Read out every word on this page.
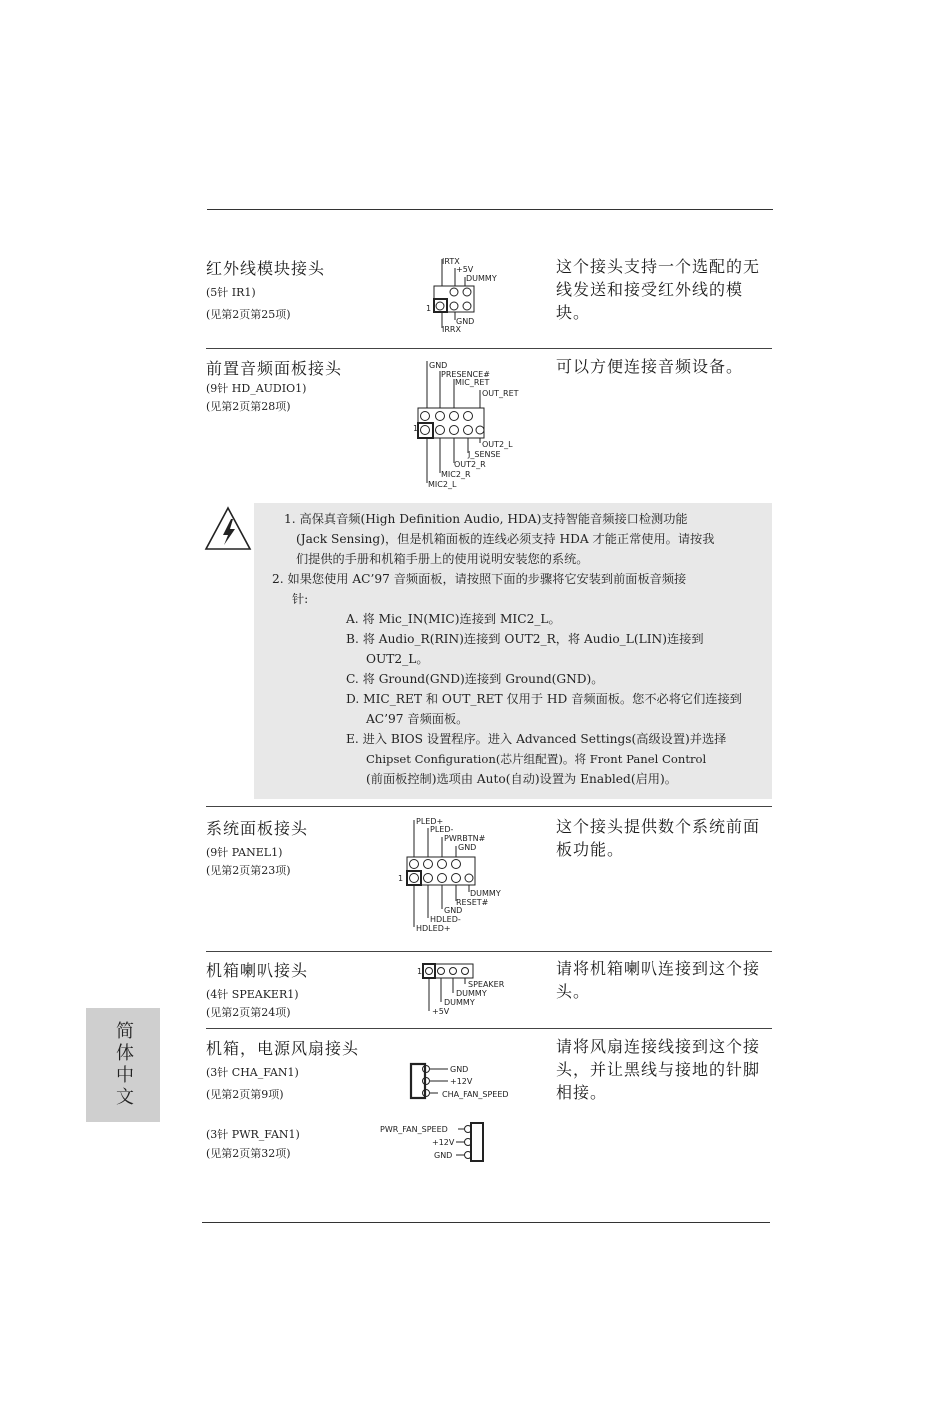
红外线模块接头
(5针 IR1)
(见第2页第25项)
这个接头支持一个选配的无线发送和接受红外线的模块。
IRTX
+5V
DUMMY
1
GND
IRRX
前置音频面板接头
(9针 HD_AUDIO1)
(见第2页第28项)
可以方便连接音频设备。
GND
PRESENCE#
MIC_RET
OUT_RET
1
OUT2_L
J_SENSE
OUT2_R
MIC2_R
MIC2_L
1. 高保真音频(High Definition Audio, HDA)支持智能音频接口检测功能
(Jack Sensing)，但是机箱面板的连线必须支持 HDA 才能正常使用。请按我
们提供的手册和机箱手册上的使用说明安装您的系统。
2. 如果您使用 AC’97 音频面板，请按照下面的步骤将它安装到前面板音频接
针:
A. 将 Mic_IN(MIC)连接到 MIC2_L。
B. 将 Audio_R(RIN)连接到 OUT2_R，将 Audio_L(LIN)连接到
OUT2_L。
C. 将 Ground(GND)连接到 Ground(GND)。
D. MIC_RET 和 OUT_RET 仅用于 HD 音频面板。您不必将它们连接到
AC’97 音频面板。
E. 进入 BIOS 设置程序。进入 Advanced Settings(高级设置)并选择
Chipset Configuration(芯片组配置)。将 Front Panel Control
(前面板控制)选项由 Auto(自动)设置为 Enabled(启用)。
系统面板接头
(9针 PANEL1)
(见第2页第23项)
这个接头提供数个系统前面板功能。
PLED+
PLED-
PWRBTN#
GND
1
DUMMY
RESET#
GND
HDLED-
HDLED+
机箱喇叭接头
(4针 SPEAKER1)
(见第2页第24项)
请将机箱喇叭连接到这个接头。
1
SPEAKER
DUMMY
DUMMY
+5V
机箱，电源风扇接头
(3针 CHA_FAN1)
(见第2页第9项)
(3针 PWR_FAN1)
(见第2页第32项)
请将风扇连接线接到这个接头，并让黑线与接地的针脚相接。
GND
+12V
CHA_FAN_SPEED
PWR_FAN_SPEED
+12V
GND
简体中文
